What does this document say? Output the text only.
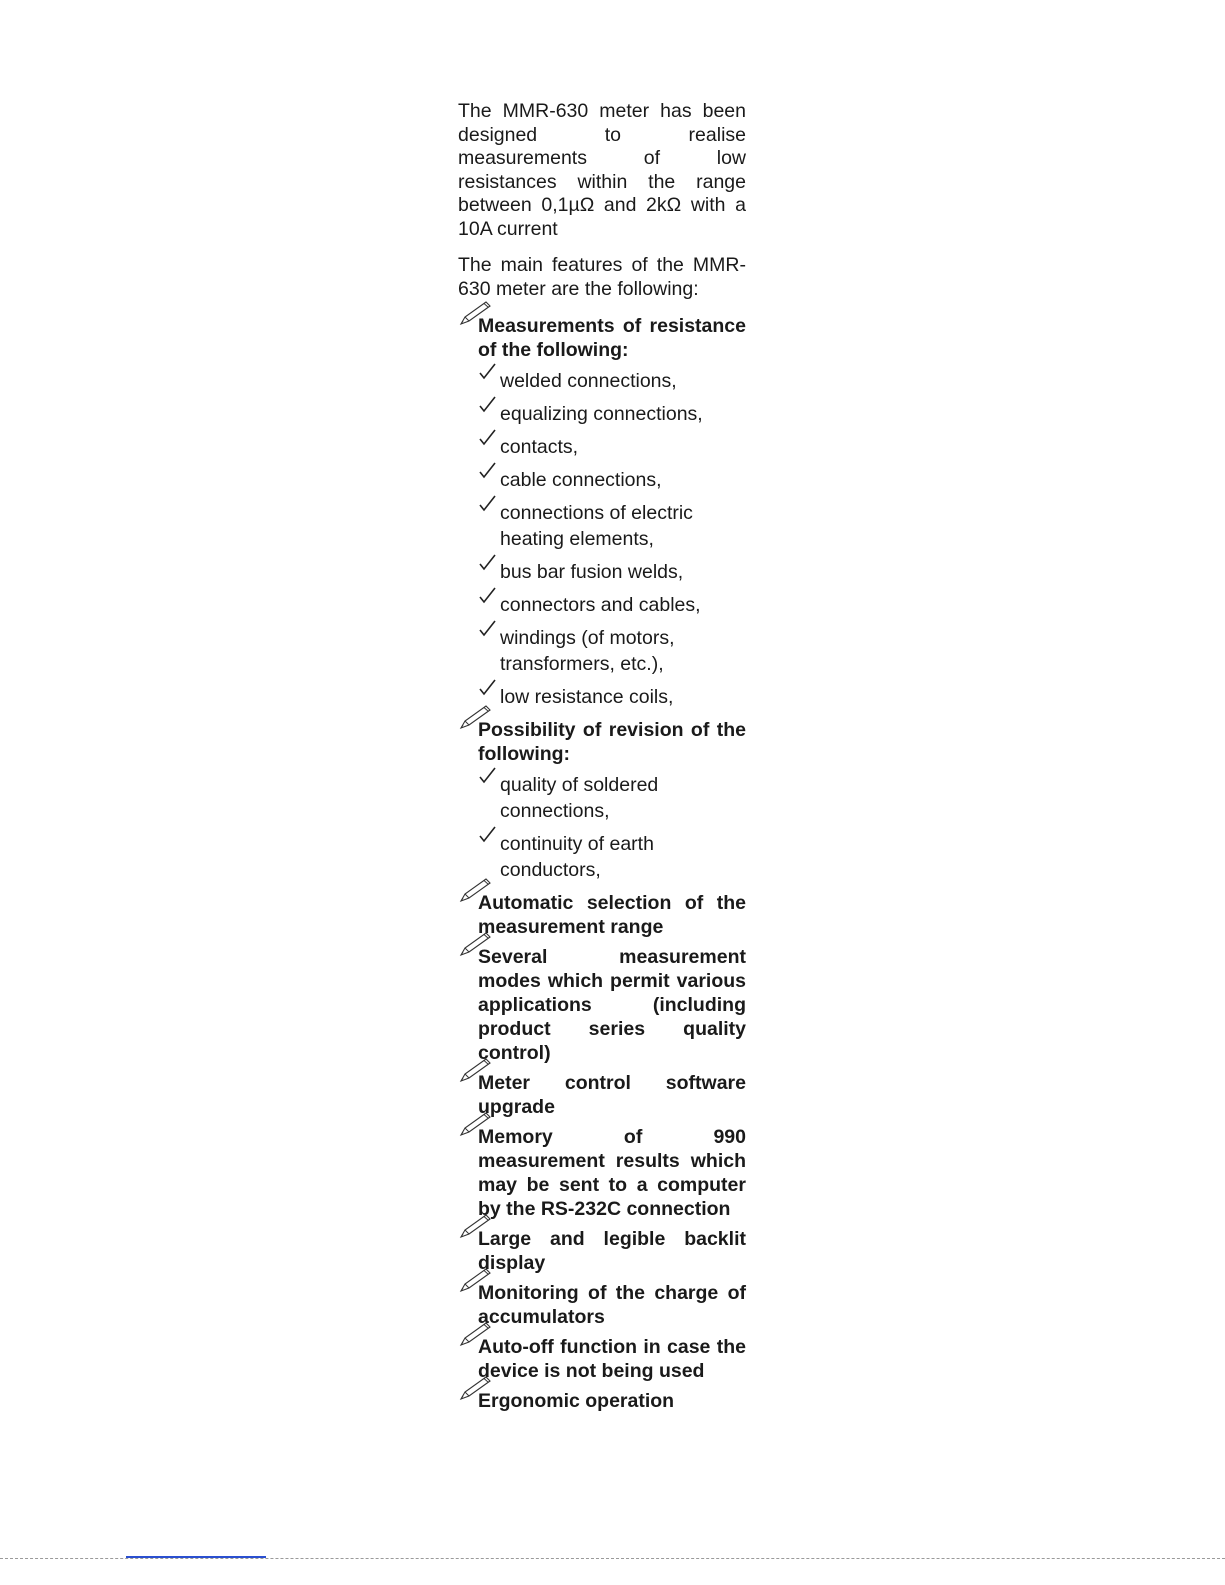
The MMR-630 meter has been designed to realise measurements of low resistances within the range between 0,1µΩ and 2kΩ with a 10A current

The main features of the MMR-630 meter are the following:

Measurements of resistance of the following:
welded connections,
equalizing connections,
contacts,
cable connections,
connections of electric heating elements,
bus bar fusion welds,
connectors and cables,
windings (of motors, transformers, etc.),
low resistance coils,
Possibility of revision of the following:
quality of soldered connections,
continuity of earth conductors,
Automatic selection of the measurement range
Several measurement modes which permit various applications (including product series quality control)
Meter control software upgrade
Memory of 990 measurement results which may be sent to a computer by the RS-232C connection
Large and legible backlit display
Monitoring of the charge of accumulators
Auto-off function in case the device is not being used
Ergonomic operation
